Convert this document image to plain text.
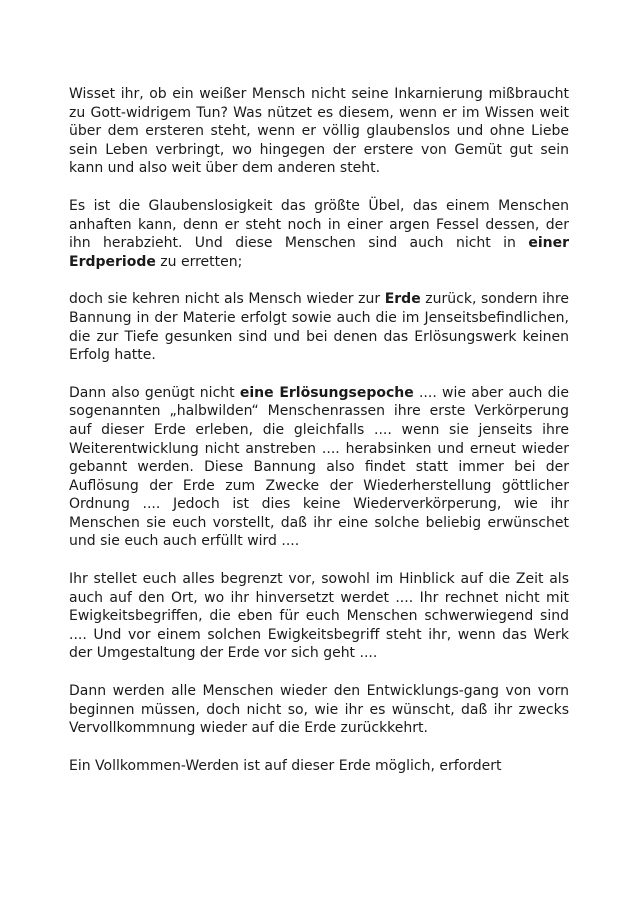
Wisset ihr, ob ein weißer Mensch nicht seine Inkarnierung mißbraucht zu Gott-widrigem Tun? Was nützet es diesem, wenn er im Wissen weit über dem ersteren steht, wenn er völlig glaubenslos und ohne Liebe sein Leben verbringt, wo hingegen der erstere von Gemüt gut sein kann und also weit über dem anderen steht.

Es ist die Glaubenslosigkeit das größte Übel, das einem Menschen anhaften kann, denn er steht noch in einer argen Fessel dessen, der ihn herabzieht. Und diese Menschen sind auch nicht in einer Erdperiode zu erretten;

doch sie kehren nicht als Mensch wieder zur Erde zurück, sondern ihre Bannung in der Materie erfolgt sowie auch die im Jenseitsbefindlichen, die zur Tiefe gesunken sind und bei denen das Erlösungswerk keinen Erfolg hatte.

Dann also genügt nicht eine Erlösungsepoche .... wie aber auch die sogenannten „halbwilden“ Menschenrassen ihre erste Verkörperung auf dieser Erde erleben, die gleichfalls .... wenn sie jenseits ihre Weiterentwicklung nicht anstreben .... herabsinken und erneut wieder gebannt werden. Diese Bannung also findet statt immer bei der Auflösung der Erde zum Zwecke der Wiederherstellung göttlicher Ordnung .... Jedoch ist dies keine Wiederverkörperung, wie ihr Menschen sie euch vorstellt, daß ihr eine solche beliebig erwünschet und sie euch auch erfüllt wird ....

Ihr stellet euch alles begrenzt vor, sowohl im Hinblick auf die Zeit als auch auf den Ort, wo ihr hinversetzt werdet .... Ihr rechnet nicht mit Ewigkeitsbegriffen, die eben für euch Menschen schwerwiegend sind .... Und vor einem solchen Ewigkeitsbegriff steht ihr, wenn das Werk der Umgestaltung der Erde vor sich geht ....

Dann werden alle Menschen wieder den Entwicklungs-gang von vorn beginnen müssen, doch nicht so, wie ihr es wünscht, daß ihr zwecks Vervollkommnung wieder auf die Erde zurückkehrt.

Ein Vollkommen-Werden ist auf dieser Erde möglich, erfordert
